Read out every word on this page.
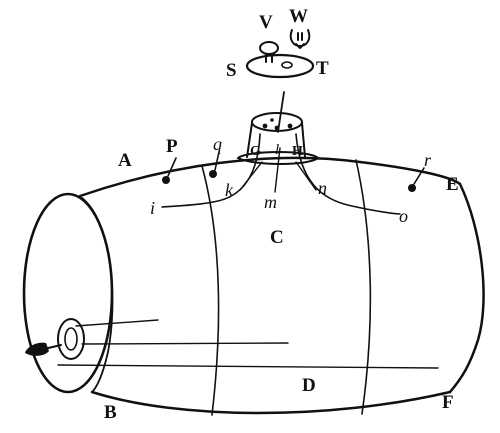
V W
S	T
A
P	G H
E
C
D
B	F
q	l	r
k	n
i	m
o
